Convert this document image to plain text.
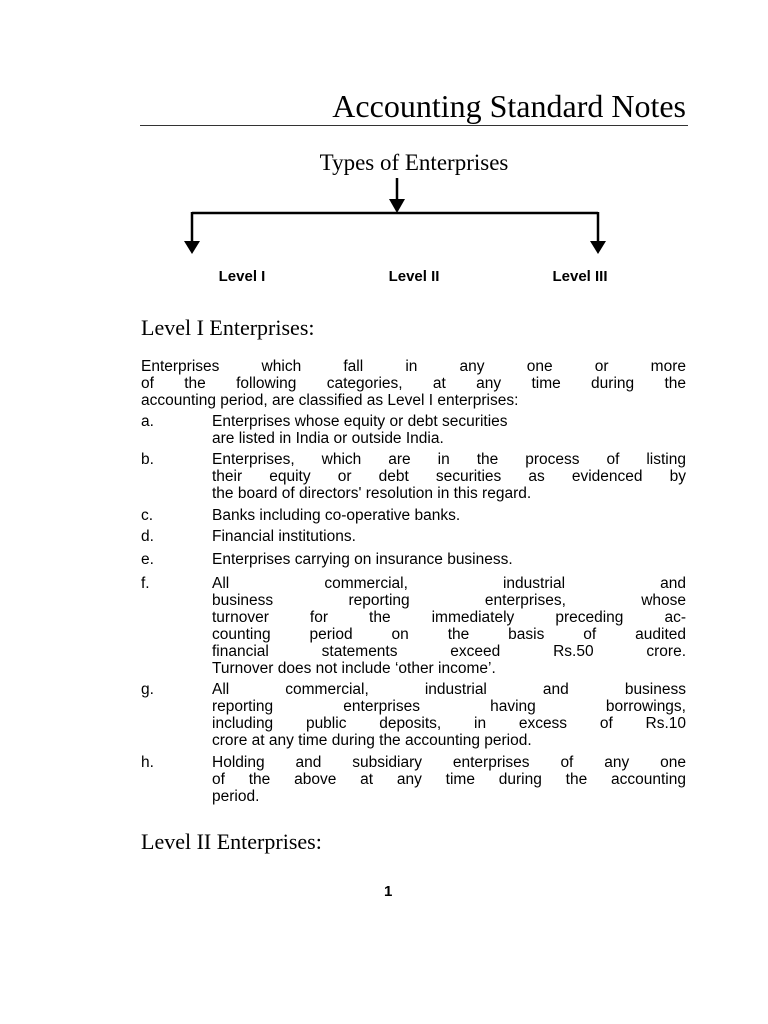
Accounting Standard Notes
Types of Enterprises
Level I	Level II	Level III
Level I Enterprises:
Enterprises which fall in any one or more
of the following categories, at any time during the
accounting period, are classified as Level I enterprises:
a.	Enterprises whose equity or debt securities
are listed in India or outside India.
b.	Enterprises, which are in the process of listing
their equity or debt securities as evidenced by
the board of directors' resolution in this regard.
c.	Banks including co-operative banks.
d.	Financial institutions.
e.	Enterprises carrying on insurance business.
f.	All commercial, industrial and
business reporting enterprises, whose
turnover for the immediately preceding ac-
counting period on the basis of audited
financial statements exceed Rs.50 crore.
Turnover does not include ‘other income’.
g.	All commercial, industrial and business
reporting enterprises having borrowings,
including public deposits, in excess of Rs.10
crore at any time during the accounting period.
h.	Holding and subsidiary enterprises of any one
of the above at any time during the accounting
period.
Level II Enterprises:
1
